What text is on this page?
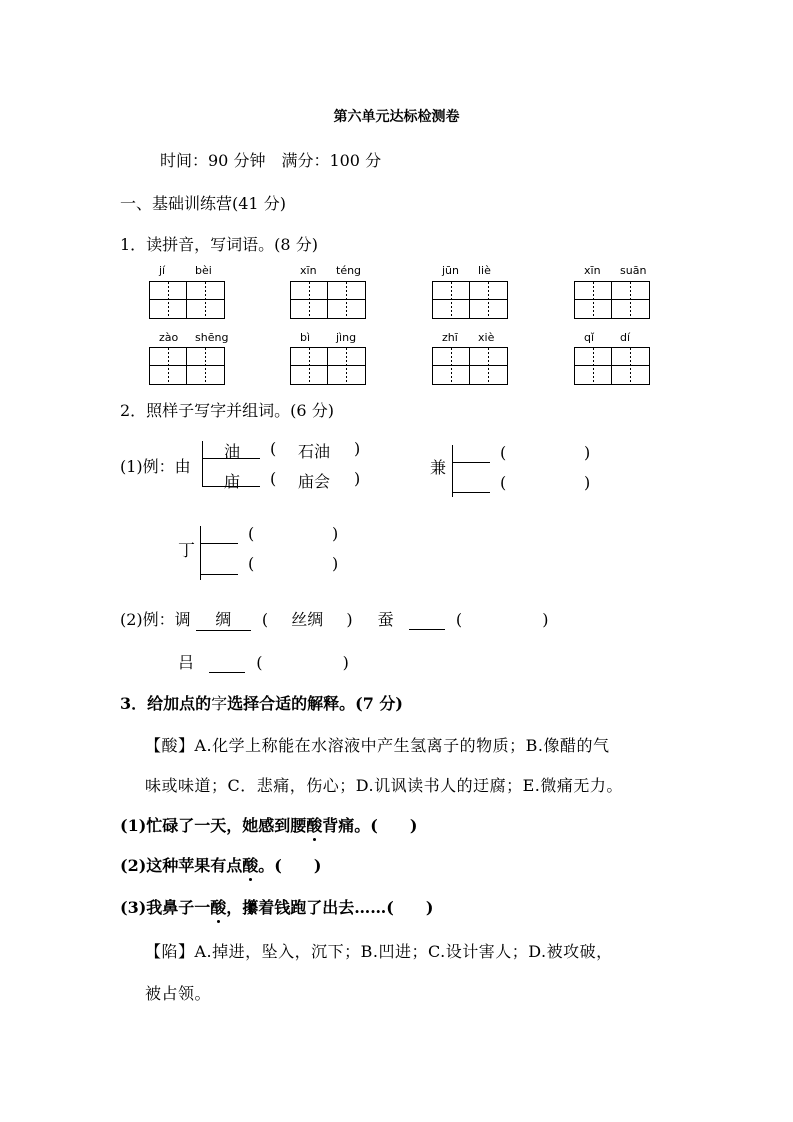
第六单元达标检测卷
时间：90 分钟　满分：100 分
一、基础训练营(41 分)
1．读拼音，写词语。(8 分)
jí	bèi	xīn téng	jūn liè	xīn suān
zào shēng	bì jìng	zhī xiè	qǐ dí
2．照样子写字并组词。(6 分)
(1)例：由
油
庙
( 石油 )
( 庙会 )
兼
(	)
(	)
丁
(	)
(	)
(2)例：调 绸 ( 丝绸 ) 蚕	(	)
吕	(	)
3．给加点的字选择合适的解释。(7 分)
【酸】A.化学上称能在水溶液中产生氢离子的物质；B.像醋的气
味或味道；C．悲痛，伤心；D.讥讽读书人的迂腐；E.微痛无力。
(1)忙碌了一天，她感到腰酸背痛。(　　)
(2)这种苹果有点酸。(　　)
(3)我鼻子一酸，攥着钱跑了出去……(　　)
【陷】A.掉进，坠入，沉下；B.凹进；C.设计害人；D.被攻破，
被占领。
